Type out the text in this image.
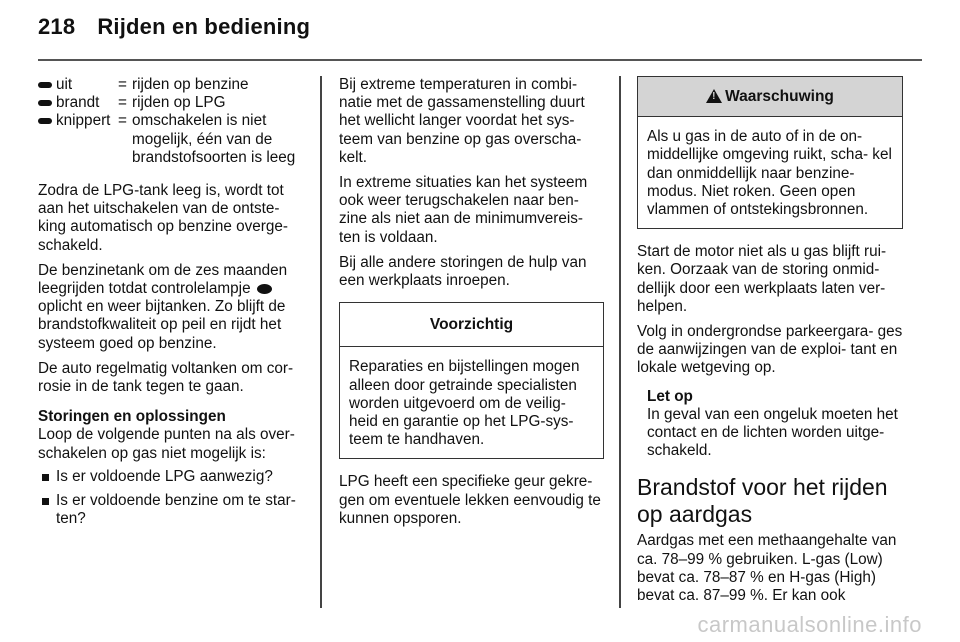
218 Rijden en bediening
uit	= rijden op benzine
brandt	= rijden op LPG
knippert = omschakelen is niet mogelijk, één van de brandstofsoorten is leeg

Zodra de LPG-tank leeg is, wordt tot aan het uitschakelen van de ontste- king automatisch op benzine overge- schakeld.

De benzinetank om de zes maanden leegrijden totdat controlelampje  oplicht en weer bijtanken. Zo blijft de brandstofkwaliteit op peil en rijdt het systeem goed op benzine.

De auto regelmatig voltanken om cor- rosie in de tank tegen te gaan.

Storingen en oplossingen

Loop de volgende punten na als over- schakelen op gas niet mogelijk is:

Is er voldoende LPG aanwezig?
Is er voldoende benzine om te star- ten?

Bij extreme temperaturen in combi- natie met de gassamenstelling duurt het wellicht langer voordat het sys- teem van benzine op gas overscha- kelt.

In extreme situaties kan het systeem ook weer terugschakelen naar ben- zine als niet aan de minimumvereis- ten is voldaan.

Bij alle andere storingen de hulp van een werkplaats inroepen.

Voorzichtig
Reparaties en bijstellingen mogen alleen door getrainde specialisten worden uitgevoerd om de veilig- heid en garantie op het LPG-sys- teem te handhaven.

LPG heeft een specifieke geur gekre- gen om eventuele lekken eenvoudig te kunnen opsporen.

!Waarschuwing
Als u gas in de auto of in de on- middellijke omgeving ruikt, scha- kel dan onmiddellijk naar benzine- modus. Niet roken. Geen open vlammen of ontstekingsbronnen.

Start de motor niet als u gas blijft rui- ken. Oorzaak van de storing onmid- dellijk door een werkplaats laten ver- helpen.

Volg in ondergrondse parkeergara- ges de aanwijzingen van de exploi- tant en lokale wetgeving op.

Let op
In geval van een ongeluk moeten het contact en de lichten worden uitge- schakeld.

Brandstof voor het rijden op aardgas

Aardgas met een methaangehalte van ca. 78–99 % gebruiken. L-gas (Low) bevat ca. 78–87 % en H-gas (High) bevat ca. 87–99 %. Er kan ook

carmanualsonline.info
